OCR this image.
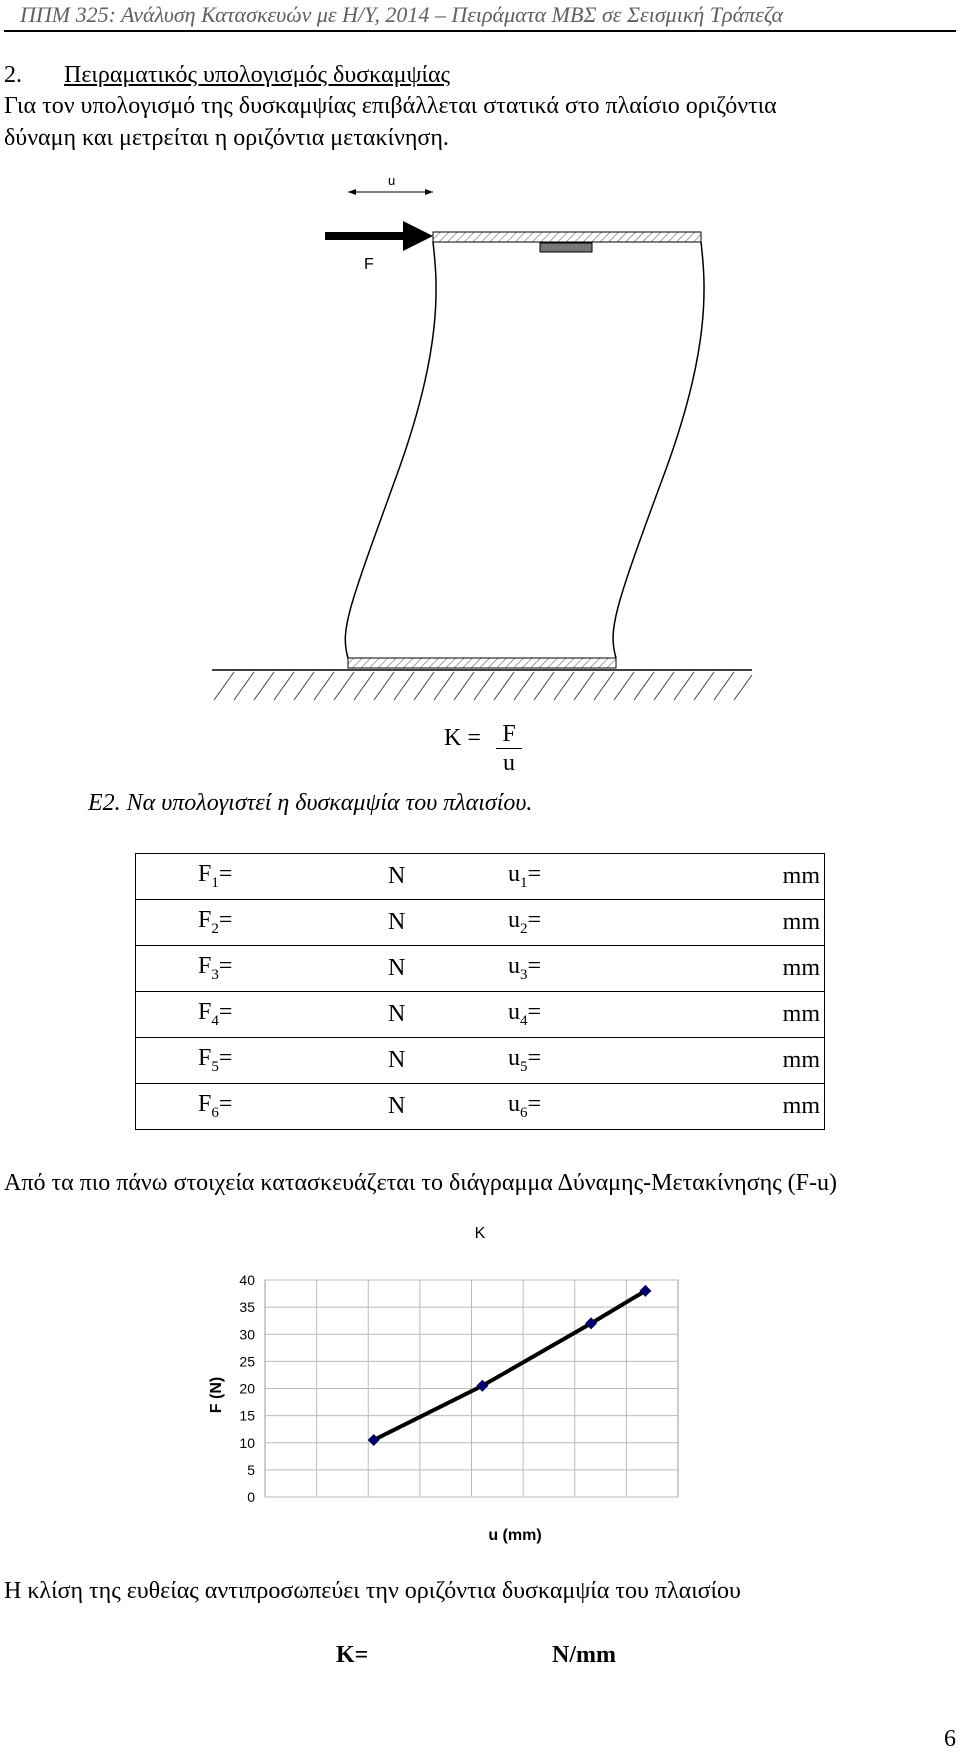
ΠΠΜ 325: Ανάλυση Κατασκευών με Η/Υ, 2014 – Πειράματα ΜΒΣ σε Σεισμική Τράπεζα
2. Πειραματικός υπολογισμός δυσκαμψίας
Για τον υπολογισμό της δυσκαμψίας επιβάλλεται στατικά στο πλαίσιο οριζόντια
δύναμη και μετρείται η οριζόντια μετακίνηση.
u
F
$K = \frac{F}{u}$
Ε2. Να υπολογιστεί η δυσκαμψία του πλαισίου.
$F_1=$	N	$u_1=$	mm
$F_2=$	N	$u_2=$	mm
$F_3=$	N	$u_3=$	mm
$F_4=$	N	$u_4=$	mm
$F_5=$	N	$u_5=$	mm
$F_6=$	N	$u_6=$	mm
Από τα πιο πάνω στοιχεία κατασκευάζεται το διάγραμμα Δύναμης-Μετακίνησης (F-u)
K
u (mm)
F (N)
40
35
30
25
20
15
10
5
0
Η κλίση της ευθείας αντιπροσωπεύει την οριζόντια δυσκαμψία του πλαισίου
K=	N/mm
6
